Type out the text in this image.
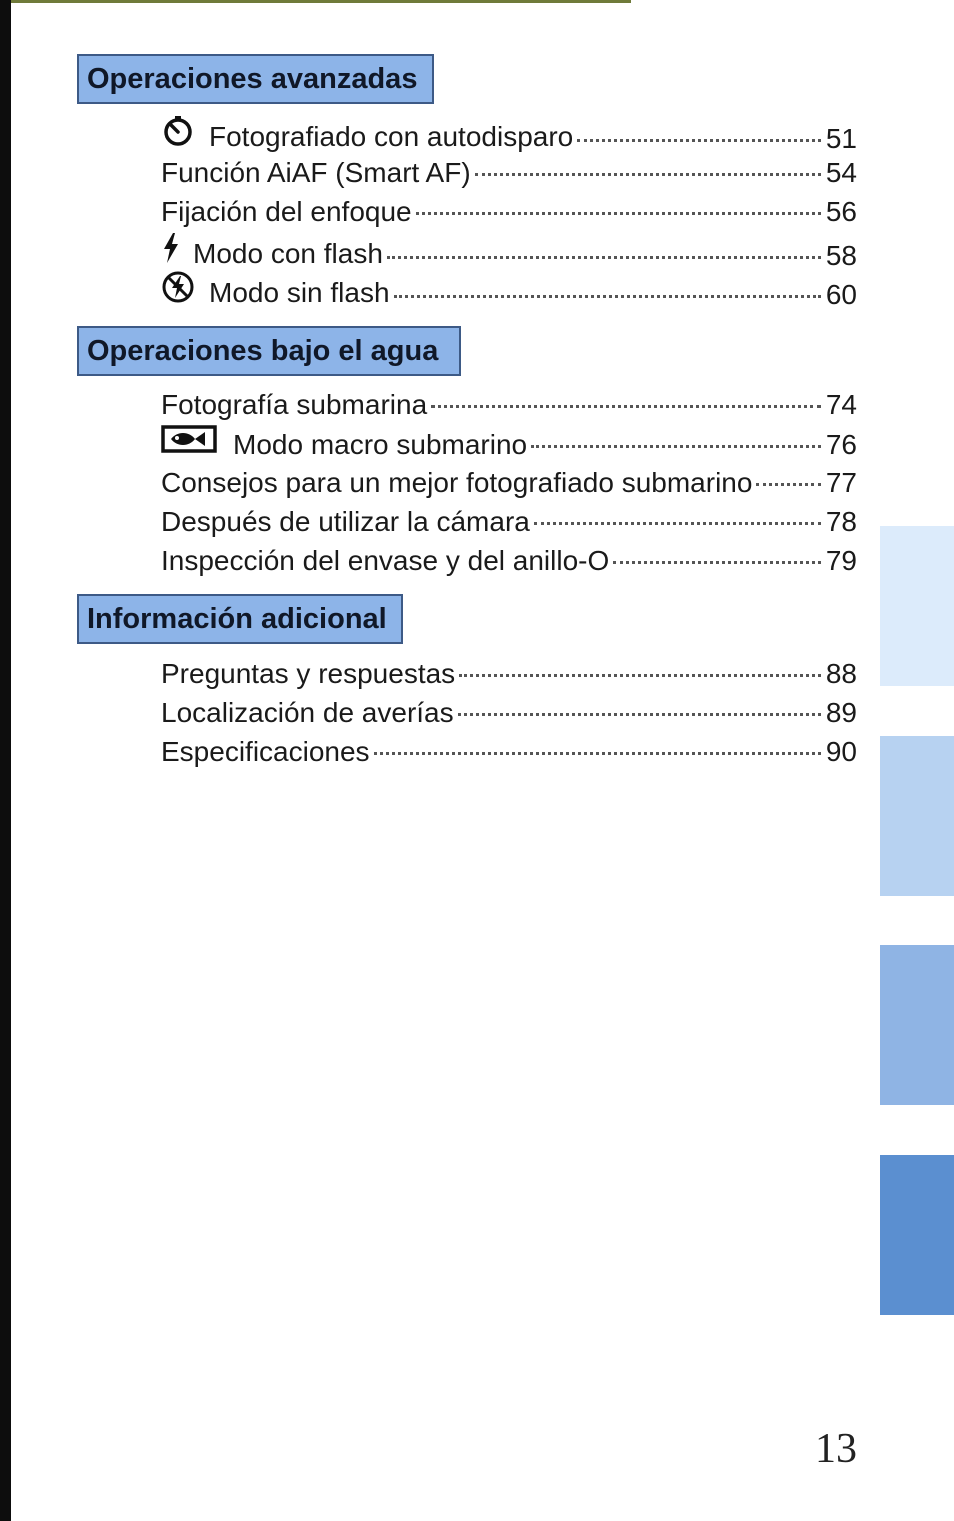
Operaciones avanzadas
Fotografiado con autodisparo	51
Función AiAF (Smart AF)	54
Fijación del enfoque	56
Modo con flash	58
Modo sin flash	60
Operaciones bajo el agua
Fotografía submarina	74
Modo macro submarino	76
Consejos para un mejor fotografiado submarino	77
Después de utilizar la cámara	78
Inspección del envase y del anillo-O	79
Información adicional
Preguntas y respuestas	88
Localización de averías	89
Especificaciones	90
13
